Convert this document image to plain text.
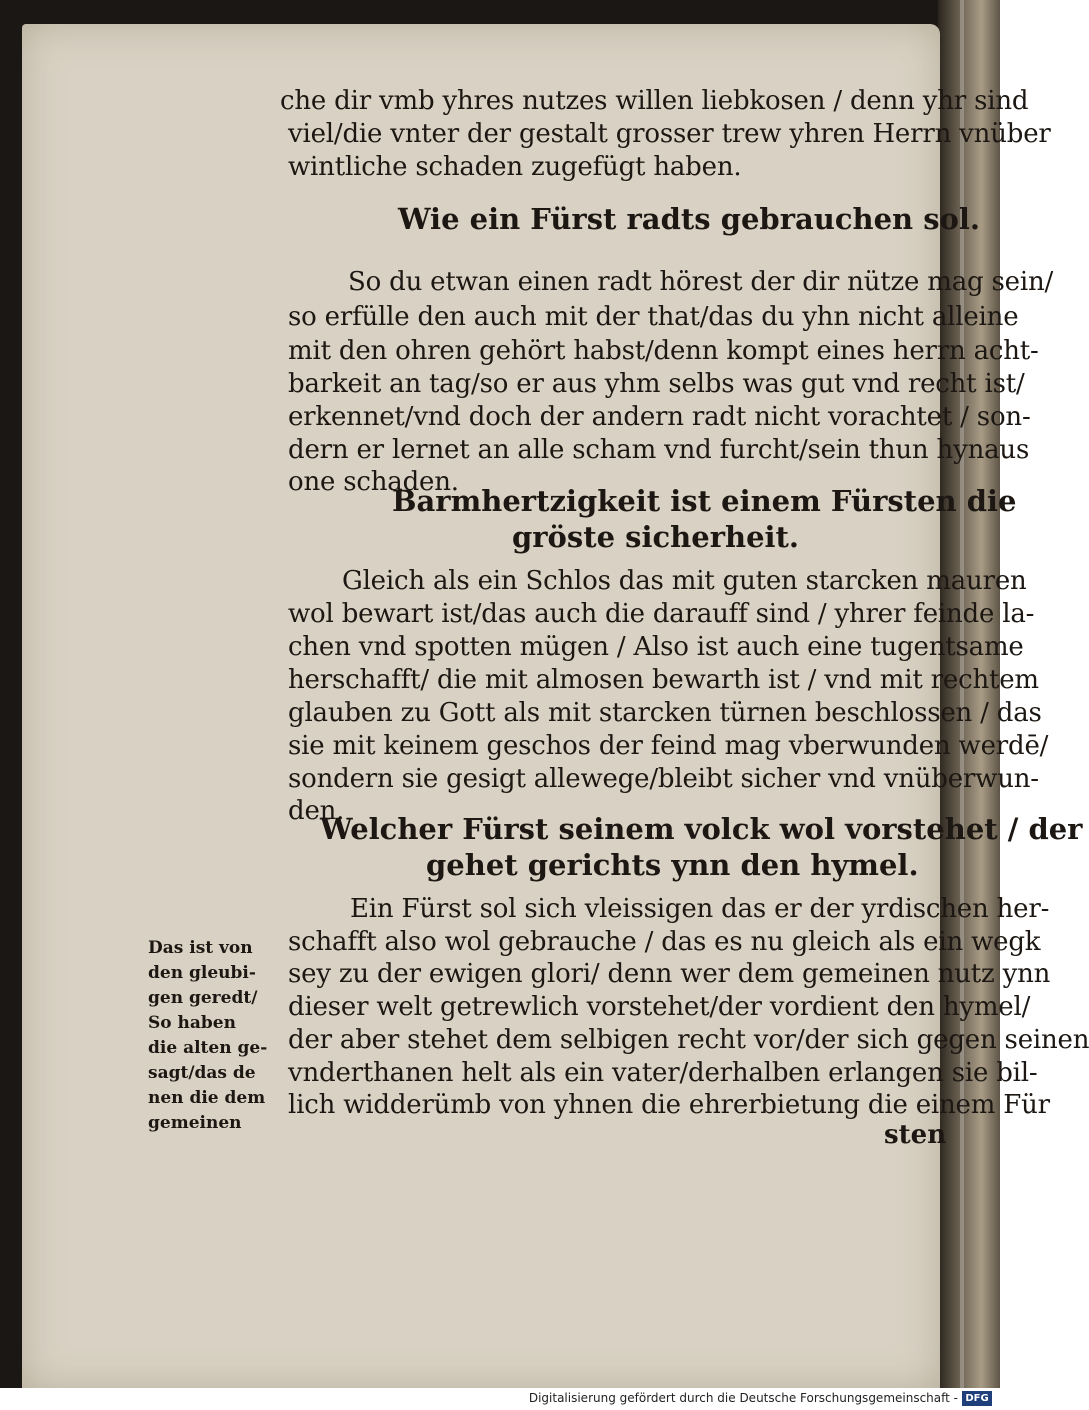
che dir vmb yhres nutzes willen liebkosen / denn yhr sind
viel/die vnter der gestalt grosser trew yhren Herrn vnüber
wintliche schaden zugefügt haben.
Wie ein Fürst radts gebrauchen sol.
So du etwan einen radt hörest der dir nütze mag sein/
so erfülle den auch mit der that/das du yhn nicht alleine
mit den ohren gehört habst/denn kompt eines herrn acht-
barkeit an tag/so er aus yhm selbs was gut vnd recht ist/
erkennet/vnd doch der andern radt nicht vorachtet / son-
dern er lernet an alle scham vnd furcht/sein thun hynaus
one schaden.
Barmhertzigkeit ist einem Fürsten die
gröste sicherheit.
Gleich als ein Schlos das mit guten starcken mauren
wol bewart ist/das auch die darauff sind / yhrer feinde la-
chen vnd spotten mügen / Also ist auch eine tugentsame
herschafft/ die mit almosen bewarth ist / vnd mit rechtem
glauben zu Gott als mit starcken türnen beschlossen / das
sie mit keinem geschos der feind mag vberwunden werdē/
sondern sie gesigt allewege/bleibt sicher vnd vnüberwun-
den.
Welcher Fürst seinem volck wol vorstehet / der
gehet gerichts ynn den hymel.
Ein Fürst sol sich vleissigen das er der yrdischen her-
schafft also wol gebrauche / das es nu gleich als ein wegk
sey zu der ewigen glori/ denn wer dem gemeinen nutz ynn
dieser welt getrewlich vorstehet/der vordient den hymel/
der aber stehet dem selbigen recht vor/der sich gegen seinen
vnderthanen helt als ein vater/derhalben erlangen sie bil-
lich widderümb von yhnen die ehrerbietung die einem Für
sten
Das ist von
den gleubi-
gen geredt/
So haben
die alten ge-
sagt/das de
nen die dem
gemeinen
Digitalisierung gefördert durch die Deutsche Forschungsgemeinschaft - DFG
